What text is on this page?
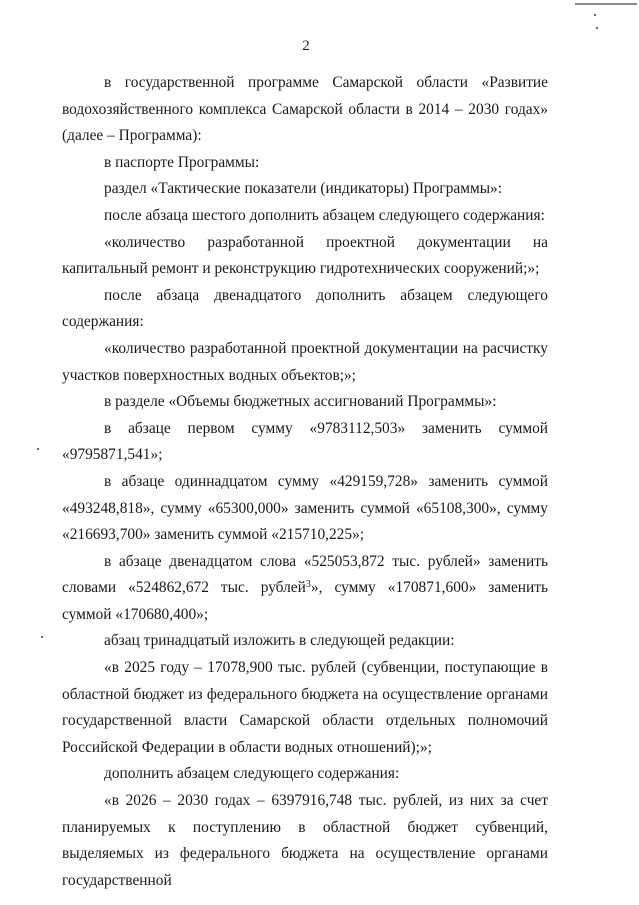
2

в государственной программе Самарской области «Развитие водохозяйственного комплекса Самарской области в 2014 – 2030 годах» (далее – Программа):

в паспорте Программы:

раздел «Тактические показатели (индикаторы) Программы»:

после абзаца шестого дополнить абзацем следующего содержания:

«количество разработанной проектной документации на капитальный ремонт и реконструкцию гидротехнических сооружений;»;

после абзаца двенадцатого дополнить абзацем следующего содержания:

«количество разработанной проектной документации на расчистку участков поверхностных водных объектов;»;

в разделе «Объемы бюджетных ассигнований Программы»:

в абзаце первом сумму «9783112,503» заменить суммой «9795871,541»;

в абзаце одиннадцатом сумму «429159,728» заменить суммой «493248,818», сумму «65300,000» заменить суммой «65108,300», сумму «216693,700» заменить суммой «215710,225»;

в абзаце двенадцатом слова «525053,872 тыс. рублей» заменить словами «524862,672 тыс. рублей$^3$», сумму «170871,600» заменить суммой «170680,400»;

абзац тринадцатый изложить в следующей редакции:

«в 2025 году – 17078,900 тыс. рублей (субвенции, поступающие в областной бюджет из федерального бюджета на осуществление органами государственной власти Самарской области отдельных полномочий Российской Федерации в области водных отношений);»;

дополнить абзацем следующего содержания:

«в 2026 – 2030 годах – 6397916,748 тыс. рублей, из них за счет планируемых к поступлению в областной бюджет субвенций, выделяемых из федерального бюджета на осуществление органами государственной
